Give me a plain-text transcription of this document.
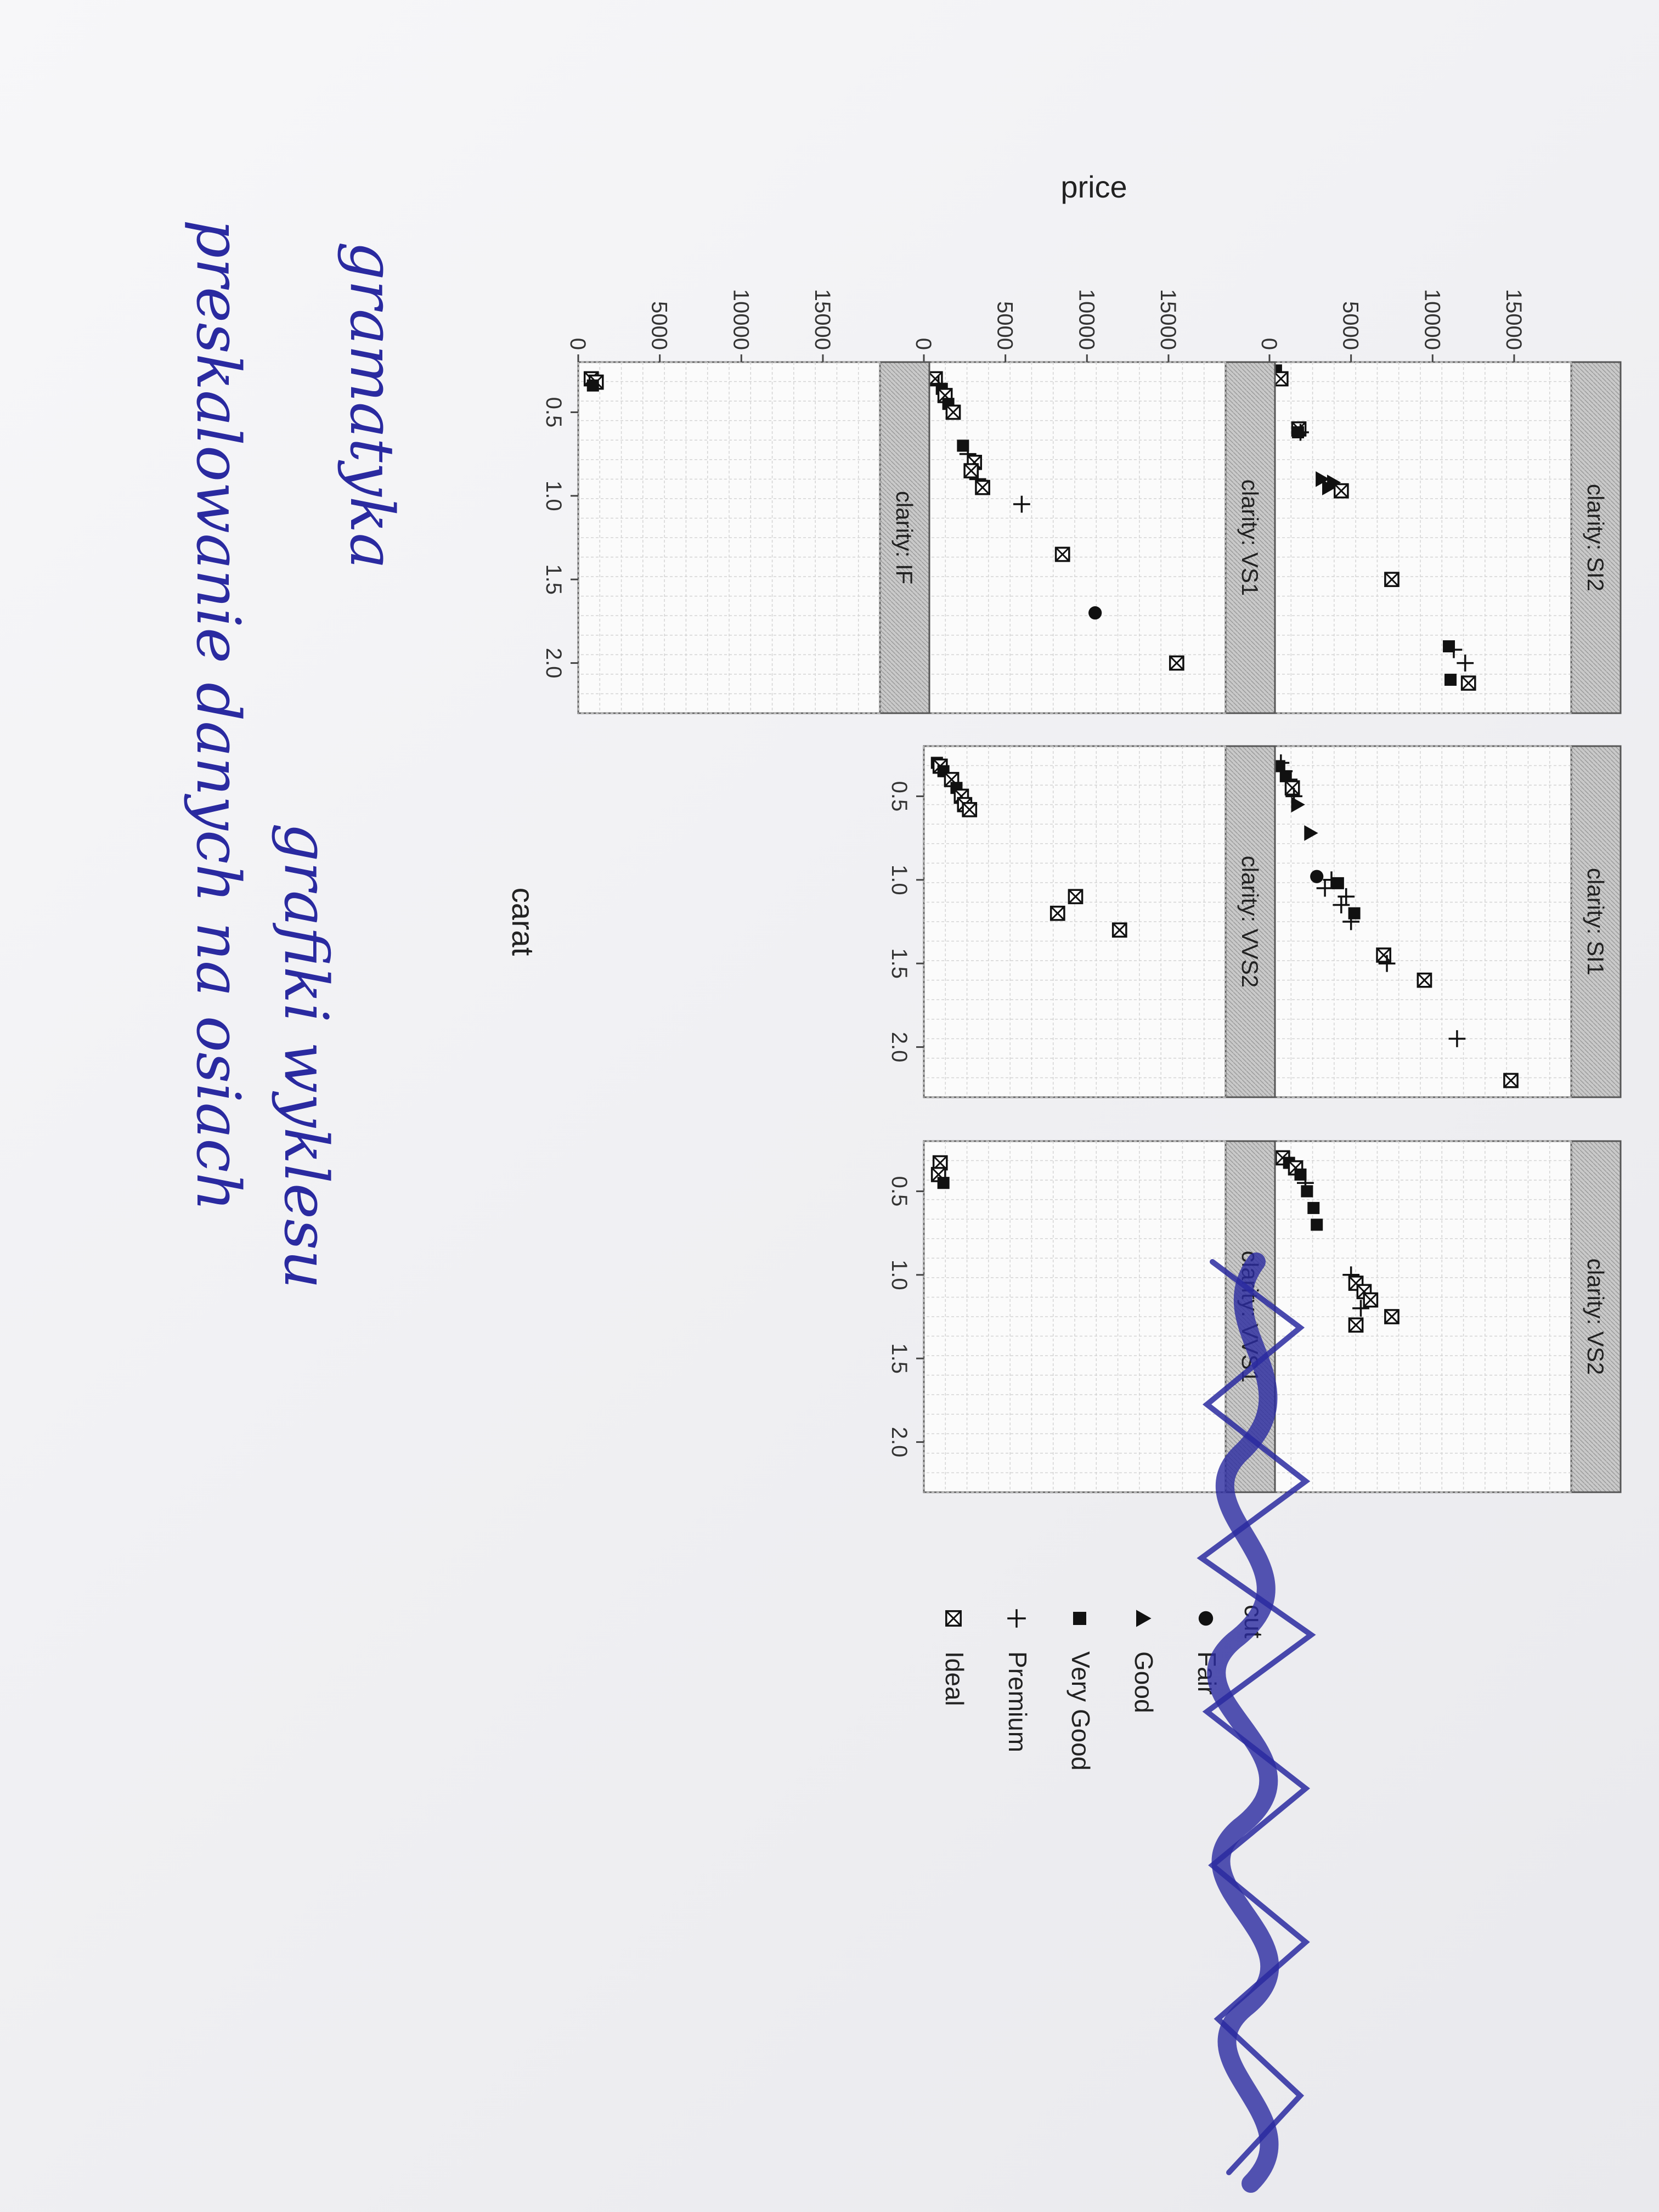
clarity: SI2
0	5000	10000	15000
clarity: SI1
clarity: VS2
clarity: VS1
0	5000	10000	15000
clarity: VVS2
0.5
1.0
1.5
2.0
clarity: VVS1
0.5
1.0
1.5
2.0
clarity: IF
0.5
1.0
1.5
2.0
0	5000	10000	15000
carat
price
cut
Fair
Good
Very Good
Premium
Ideal
gramatyka
grafiki wyklesu
preskalowanie danych na osiach
